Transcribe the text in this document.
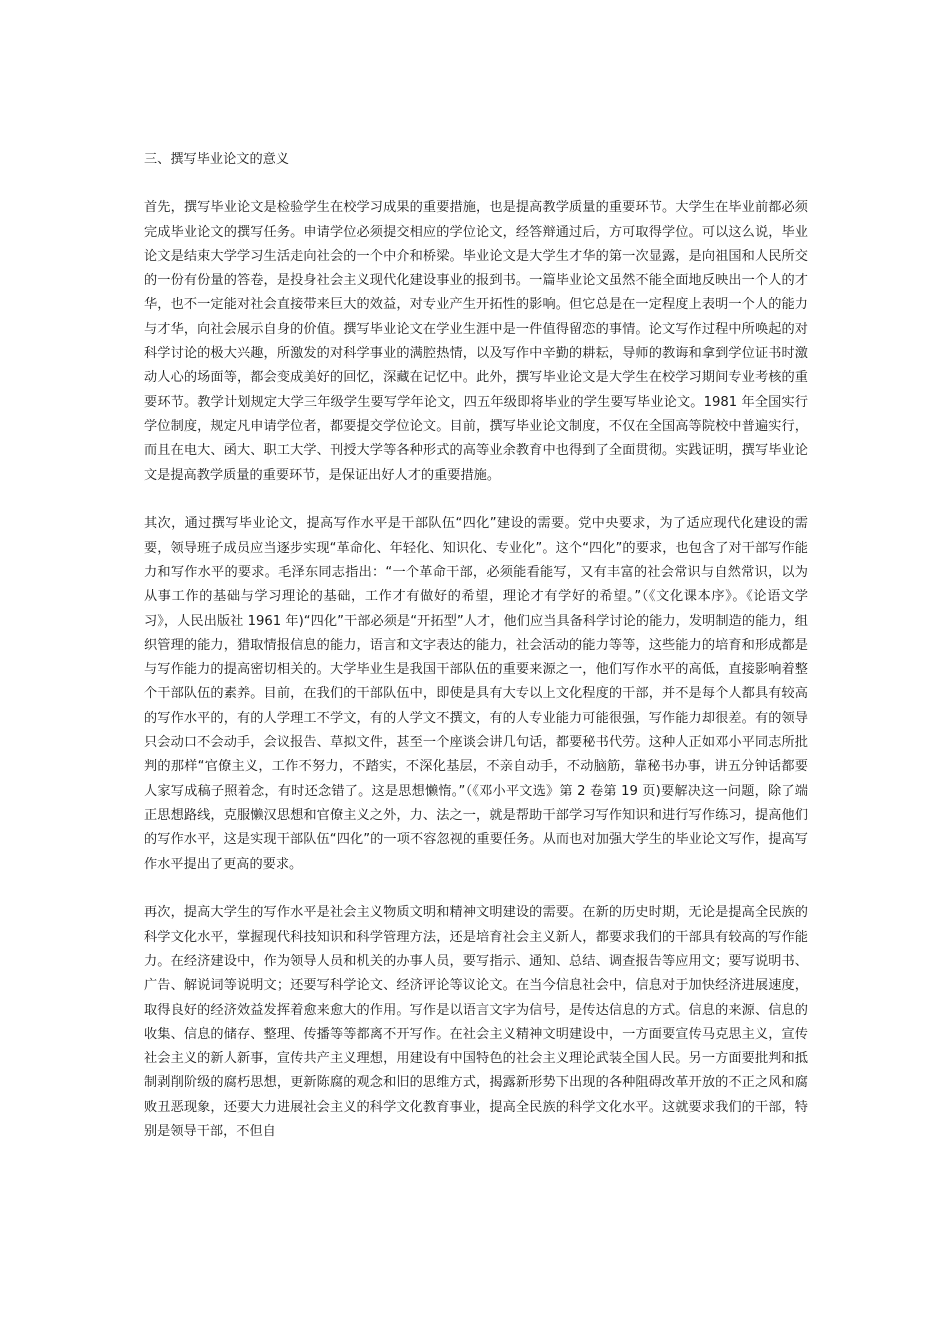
三、撰写毕业论文的意义

首先，撰写毕业论文是检验学生在校学习成果的重要措施，也是提高教学质量的重要环节。大学生在毕业前都必须完成毕业论文的撰写任务。申请学位必须提交相应的学位论文，经答辩通过后，方可取得学位。可以这么说，毕业论文是结束大学学习生活走向社会的一个中介和桥梁。毕业论文是大学生才华的第一次显露，是向祖国和人民所交的一份有份量的答卷，是投身社会主义现代化建设事业的报到书。一篇毕业论文虽然不能全面地反映出一个人的才华，也不一定能对社会直接带来巨大的效益，对专业产生开拓性的影响。但它总是在一定程度上表明一个人的能力与才华，向社会展示自身的价值。撰写毕业论文在学业生涯中是一件值得留恋的事情。论文写作过程中所唤起的对科学讨论的极大兴趣，所激发的对科学事业的满腔热情，以及写作中辛勤的耕耘，导师的教诲和拿到学位证书时激动人心的场面等，都会变成美好的回忆，深藏在记忆中。此外，撰写毕业论文是大学生在校学习期间专业考核的重要环节。教学计划规定大学三年级学生要写学年论文，四五年级即将毕业的学生要写毕业论文。1981 年全国实行学位制度，规定凡申请学位者，都要提交学位论文。目前，撰写毕业论文制度，不仅在全国高等院校中普遍实行，而且在电大、函大、职工大学、刊授大学等各种形式的高等业余教育中也得到了全面贯彻。实践证明，撰写毕业论文是提高教学质量的重要环节，是保证出好人才的重要措施。

其次，通过撰写毕业论文，提高写作水平是干部队伍“四化”建设的需要。党中央要求，为了适应现代化建设的需要，领导班子成员应当逐步实现“革命化、年轻化、知识化、专业化”。这个“四化”的要求，也包含了对干部写作能力和写作水平的要求。毛泽东同志指出：“一个革命干部，必须能看能写，又有丰富的社会常识与自然常识，以为从事工作的基础与学习理论的基础，工作才有做好的希望，理论才有学好的希望。”（《文化课本序》。《论语文学习》，人民出版社 1961 年)“四化”干部必须是“开拓型”人才，他们应当具备科学讨论的能力，发明制造的能力，组织管理的能力，猎取情报信息的能力，语言和文字表达的能力，社会活动的能力等等，这些能力的培育和形成都是与写作能力的提高密切相关的。大学毕业生是我国干部队伍的重要来源之一，他们写作水平的高低，直接影响着整个干部队伍的素养。目前，在我们的干部队伍中，即使是具有大专以上文化程度的干部，并不是每个人都具有较高的写作水平的，有的人学理工不学文，有的人学文不撰文，有的人专业能力可能很强，写作能力却很差。有的领导只会动口不会动手，会议报告、草拟文件，甚至一个座谈会讲几句话，都要秘书代劳。这种人正如邓小平同志所批判的那样“官僚主义，工作不努力，不踏实，不深化基层，不亲自动手，不动脑筋，靠秘书办事，讲五分钟话都要人家写成稿子照着念，有时还念错了。这是思想懒惰。”（《邓小平文选》第 2 卷第 19 页)要解决这一问题，除了端正思想路线，克服懒汉思想和官僚主义之外，力、法之一，就是帮助干部学习写作知识和进行写作练习，提高他们的写作水平，这是实现干部队伍“四化”的一项不容忽视的重要任务。从而也对加强大学生的毕业论文写作，提高写作水平提出了更高的要求。

再次，提高大学生的写作水平是社会主义物质文明和精神文明建设的需要。在新的历史时期，无论是提高全民族的科学文化水平，掌握现代科技知识和科学管理方法，还是培育社会主义新人，都要求我们的干部具有较高的写作能力。在经济建设中，作为领导人员和机关的办事人员，要写指示、通知、总结、调查报告等应用文；要写说明书、广告、解说词等说明文；还要写科学论文、经济评论等议论文。在当今信息社会中，信息对于加快经济进展速度，取得良好的经济效益发挥着愈来愈大的作用。写作是以语言文字为信号，是传达信息的方式。信息的来源、信息的收集、信息的储存、整理、传播等等都离不开写作。在社会主义精神文明建设中，一方面要宣传马克思主义，宣传社会主义的新人新事，宣传共产主义理想，用建设有中国特色的社会主义理论武装全国人民。另一方面要批判和抵制剥削阶级的腐朽思想，更新陈腐的观念和旧的思维方式，揭露新形势下出现的各种阻碍改革开放的不正之风和腐败丑恶现象，还要大力进展社会主义的科学文化教育事业，提高全民族的科学文化水平。这就要求我们的干部，特别是领导干部，不但自
